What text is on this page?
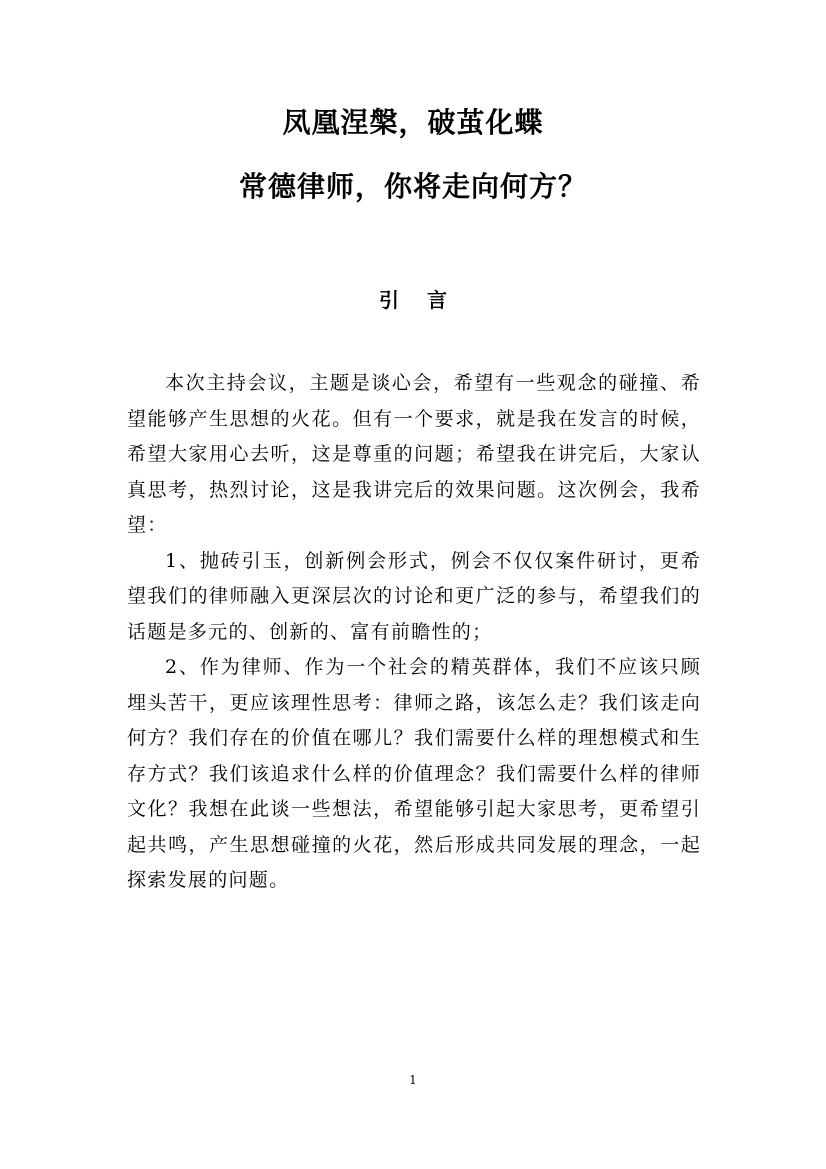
凤凰涅槃，破茧化蝶
常德律师，你将走向何方？
引言

本次主持会议，主题是谈心会，希望有一些观念的碰撞、希望能够产生思想的火花。但有一个要求，就是我在发言的时候，希望大家用心去听，这是尊重的问题；希望我在讲完后，大家认真思考，热烈讨论，这是我讲完后的效果问题。这次例会，我希望：

1、抛砖引玉，创新例会形式，例会不仅仅案件研讨，更希望我们的律师融入更深层次的讨论和更广泛的参与，希望我们的话题是多元的、创新的、富有前瞻性的；

2、作为律师、作为一个社会的精英群体，我们不应该只顾埋头苦干，更应该理性思考：律师之路，该怎么走？我们该走向何方？我们存在的价值在哪儿？我们需要什么样的理想模式和生存方式？我们该追求什么样的价值理念？我们需要什么样的律师文化？我想在此谈一些想法，希望能够引起大家思考，更希望引起共鸣，产生思想碰撞的火花，然后形成共同发展的理念，一起探索发展的问题。

1
